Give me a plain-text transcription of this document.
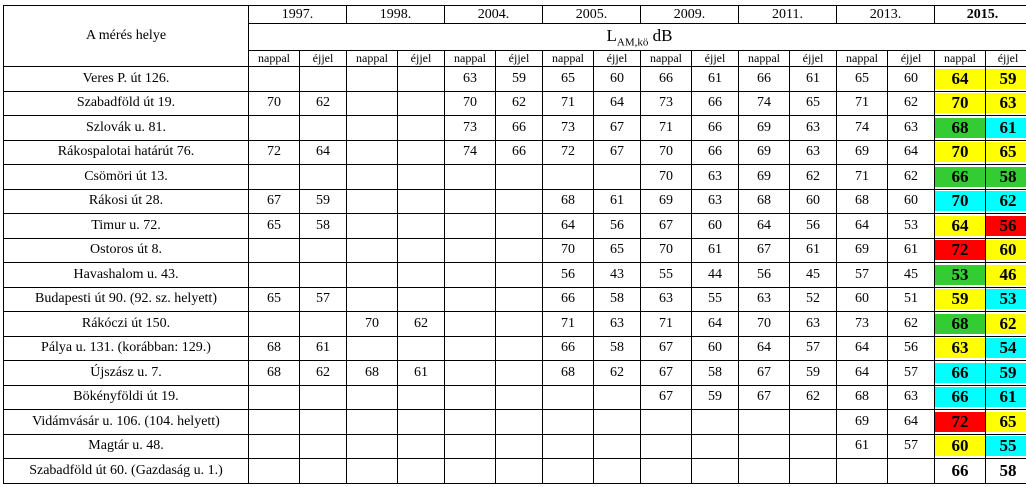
A mérés helye	1997.		1998.		2004.		2005.		2009.		2011.		2013.		2015.	
	$L_{AM,kö}$ dB															
	nappal	éjjel	nappal	éjjel	nappal	éjjel	nappal	éjjel	nappal	éjjel	nappal	éjjel	nappal	éjjel	nappal	éjjel
Veres P. út 126.					63	59	65	60	66	61	66	61	65	60	64	59

Szabadföld út 19.	70	62			70	62	71	64	73	66	74	65	71	62	70	63

Szlovák u. 81.					73	66	73	67	71	66	69	63	74	63	68	61

Rákospalotai határút 76.	72	64			74	66	72	67	70	66	69	63	69	64	70	65

Csömöri út 13.									70	63	69	62	71	62	66	58

Rákosi út 28.	67	59					68	61	69	63	68	60	68	60	70	62

Timur u. 72.	65	58					64	56	67	60	64	56	64	53	64	56

Ostoros út 8.							70	65	70	61	67	61	69	61	72	60

Havashalom u. 43.							56	43	55	44	56	45	57	45	53	46

Budapesti út 90. (92. sz. helyett)	65	57					66	58	63	55	63	52	60	51	59	53

Rákóczi út 150.			70	62			71	63	71	64	70	63	73	62	68	62

Pálya u. 131. (korábban: 129.)	68	61					66	58	67	60	64	57	64	56	63	54

Újszász u. 7.	68	62	68	61			68	62	67	58	67	59	64	57	66	59

Bökényföldi út 19.									67	59	67	62	68	63	66	61

Vidámvásár u. 106. (104. helyett)													69	64	72	65

Magtár u. 48.													61	57	60	55

Szabadföld út 60. (Gazdaság u. 1.)															66	58
